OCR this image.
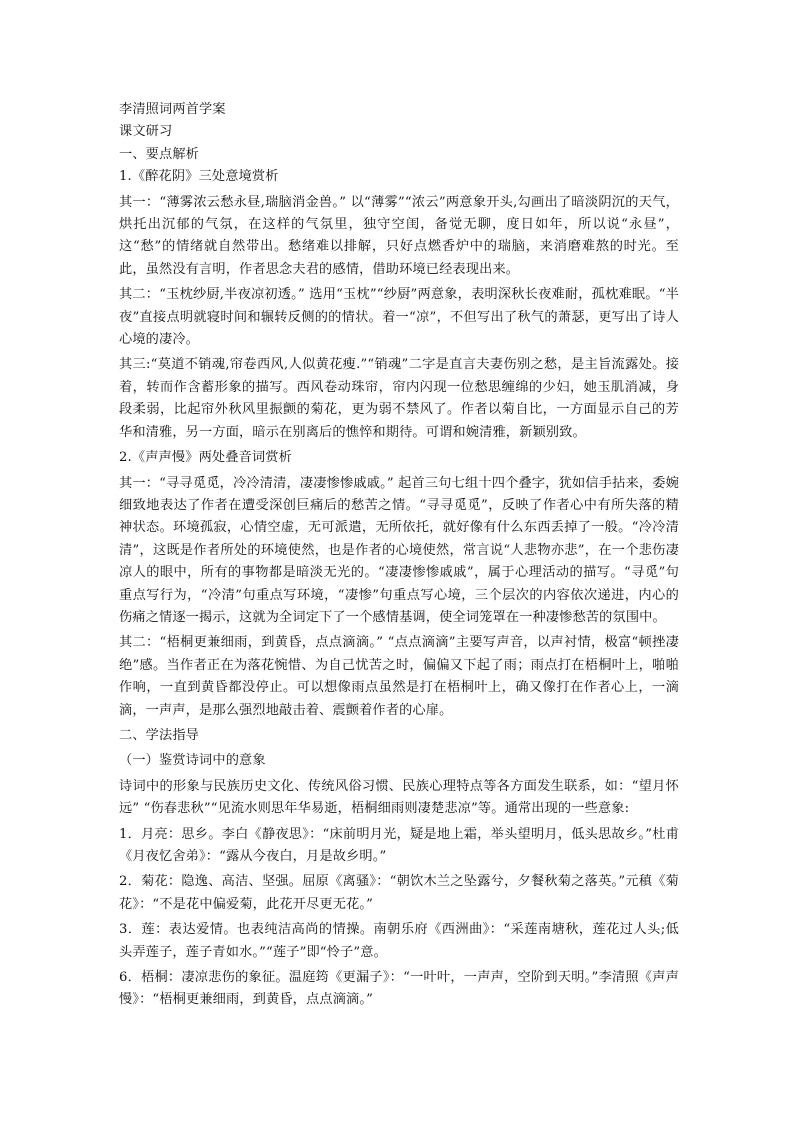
李清照词两首学案

课文研习

一、要点解析

1.《醉花阴》三处意境赏析

其一：“薄雾浓云愁永昼,瑞脑消金兽。” 以“薄雾”“浓云”两意象开头,勾画出了暗淡阴沉的天气，烘托出沉郁的气氛，在这样的气氛里，独守空闺，备觉无聊，度日如年，所以说“永昼”，这“愁”的情绪就自然带出。愁绪难以排解，只好点燃香炉中的瑞脑，来消磨难熬的时光。至此，虽然没有言明，作者思念夫君的感情，借助环境已经表现出来。

其二：“玉枕纱厨,半夜凉初透。” 选用“玉枕”“纱厨”两意象，表明深秋长夜难耐，孤枕难眠。“半夜”直接点明就寝时间和辗转反侧的的情状。着一“凉”，不但写出了秋气的萧瑟，更写出了诗人心境的凄冷。

其三:“莫道不销魂,帘卷西风,人似黄花瘦.”“销魂”二字是直言夫妻伤别之愁，是主旨流露处。接着，转而作含蓄形象的描写。西风卷动珠帘，帘内闪现一位愁思缠绵的少妇，她玉肌消减，身段柔弱，比起帘外秋风里振颤的菊花，更为弱不禁风了。作者以菊自比，一方面显示自己的芳华和清雅，另一方面，暗示在别离后的憔悴和期待。可谓和婉清雅，新颖别致。

2.《声声慢》两处叠音词赏析

其一：“寻寻觅觅，冷冷清清，凄凄惨惨戚戚。” 起首三句七组十四个叠字，犹如信手拈来，委婉细致地表达了作者在遭受深创巨痛后的愁苦之情。“寻寻觅觅”，反映了作者心中有所失落的精神状态。环境孤寂，心情空虚，无可派遣，无所依托，就好像有什么东西丢掉了一般。“冷冷清清”，这既是作者所处的环境使然，也是作者的心境使然，常言说“人悲物亦悲”，在一个悲伤凄凉人的眼中，所有的事物都是暗淡无光的。“凄凄惨惨戚戚”，属于心理活动的描写。“寻觅”句重点写行为，“冷清”句重点写环境，“凄惨”句重点写心境，三个层次的内容依次递进，内心的伤痛之情逐一揭示，这就为全词定下了一个感情基调，使全词笼罩在一种凄惨愁苦的氛围中。

其二：“梧桐更兼细雨，到黄昏，点点滴滴。” “点点滴滴”主要写声音，以声衬情，极富“顿挫凄绝”感。当作者正在为落花惋惜、为自己忧苦之时，偏偏又下起了雨；雨点打在梧桐叶上，啪啪作响，一直到黄昏都没停止。可以想像雨点虽然是打在梧桐叶上，确又像打在作者心上，一滴滴，一声声，是那么强烈地敲击着、震颤着作者的心扉。

二、学法指导

（一）鉴赏诗词中的意象

诗词中的形象与民族历史文化、传统风俗习惯、民族心理特点等各方面发生联系，如：“望月怀远” “伤春悲秋”“见流水则思年华易逝，梧桐细雨则凄楚悲凉”等。通常出现的一些意象:

1．月亮：思乡。李白《静夜思》：“床前明月光，疑是地上霜，举头望明月，低头思故乡。”杜甫《月夜忆舍弟》：“露从今夜白，月是故乡明。”

2．菊花：隐逸、高洁、坚强。屈原《离骚》：“朝饮木兰之坠露兮，夕餐秋菊之落英。”元稹《菊花》：“不是花中偏爱菊，此花开尽更无花。”

3．莲：表达爱情。也表纯洁高尚的情操。南朝乐府《西洲曲》：“采莲南塘秋，莲花过人头;低头弄莲子，莲子青如水。”“莲子”即“怜子”意。

6．梧桐：凄凉悲伤的象征。温庭筠《更漏子》：“一叶叶，一声声，空阶到天明。”李清照《声声慢》：“梧桐更兼细雨，到黄昏，点点滴滴。”
